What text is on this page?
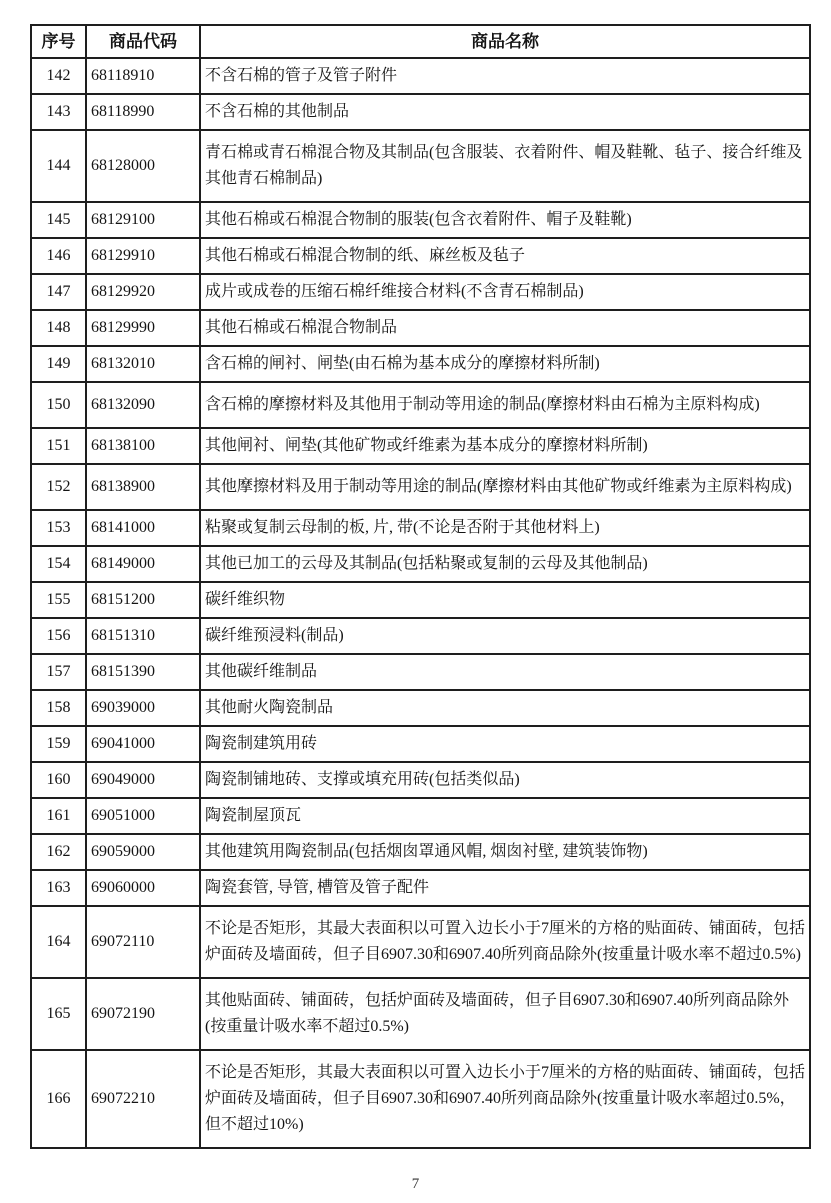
序号	商品代码	商品名称
142	68118910	不含石棉的管子及管子附件
143	68118990	不含石棉的其他制品
144	68128000	青石棉或青石棉混合物及其制品(包含服装、衣着附件、帽及鞋靴、毡子、接合纤维及其他青石棉制品)
145	68129100	其他石棉或石棉混合物制的服装(包含衣着附件、帽子及鞋靴)
146	68129910	其他石棉或石棉混合物制的纸、麻丝板及毡子
147	68129920	成片或成卷的压缩石棉纤维接合材料(不含青石棉制品)
148	68129990	其他石棉或石棉混合物制品
149	68132010	含石棉的闸衬、闸垫(由石棉为基本成分的摩擦材料所制)
150	68132090	含石棉的摩擦材料及其他用于制动等用途的制品(摩擦材料由石棉为主原料构成)
151	68138100	其他闸衬、闸垫(其他矿物或纤维素为基本成分的摩擦材料所制)
152	68138900	其他摩擦材料及用于制动等用途的制品(摩擦材料由其他矿物或纤维素为主原料构成)
153	68141000	粘聚或复制云母制的板, 片, 带(不论是否附于其他材料上)
154	68149000	其他已加工的云母及其制品(包括粘聚或复制的云母及其他制品)
155	68151200	碳纤维织物
156	68151310	碳纤维预浸料(制品)
157	68151390	其他碳纤维制品
158	69039000	其他耐火陶瓷制品
159	69041000	陶瓷制建筑用砖
160	69049000	陶瓷制铺地砖、支撑或填充用砖(包括类似品)
161	69051000	陶瓷制屋顶瓦
162	69059000	其他建筑用陶瓷制品(包括烟囱罩通风帽, 烟囱衬壁, 建筑装饰物)
163	69060000	陶瓷套管, 导管, 槽管及管子配件
164	69072110	不论是否矩形，其最大表面积以可置入边长小于7厘米的方格的贴面砖、铺面砖，包括炉面砖及墙面砖，但子目6907.30和6907.40所列商品除外(按重量计吸水率不超过0.5%)
165	69072190	其他贴面砖、铺面砖，包括炉面砖及墙面砖，但子目6907.30和6907.40所列商品除外(按重量计吸水率不超过0.5%)
166	69072210	不论是否矩形，其最大表面积以可置入边长小于7厘米的方格的贴面砖、铺面砖，包括炉面砖及墙面砖，但子目6907.30和6907.40所列商品除外(按重量计吸水率超过0.5%，但不超过10%)
7
